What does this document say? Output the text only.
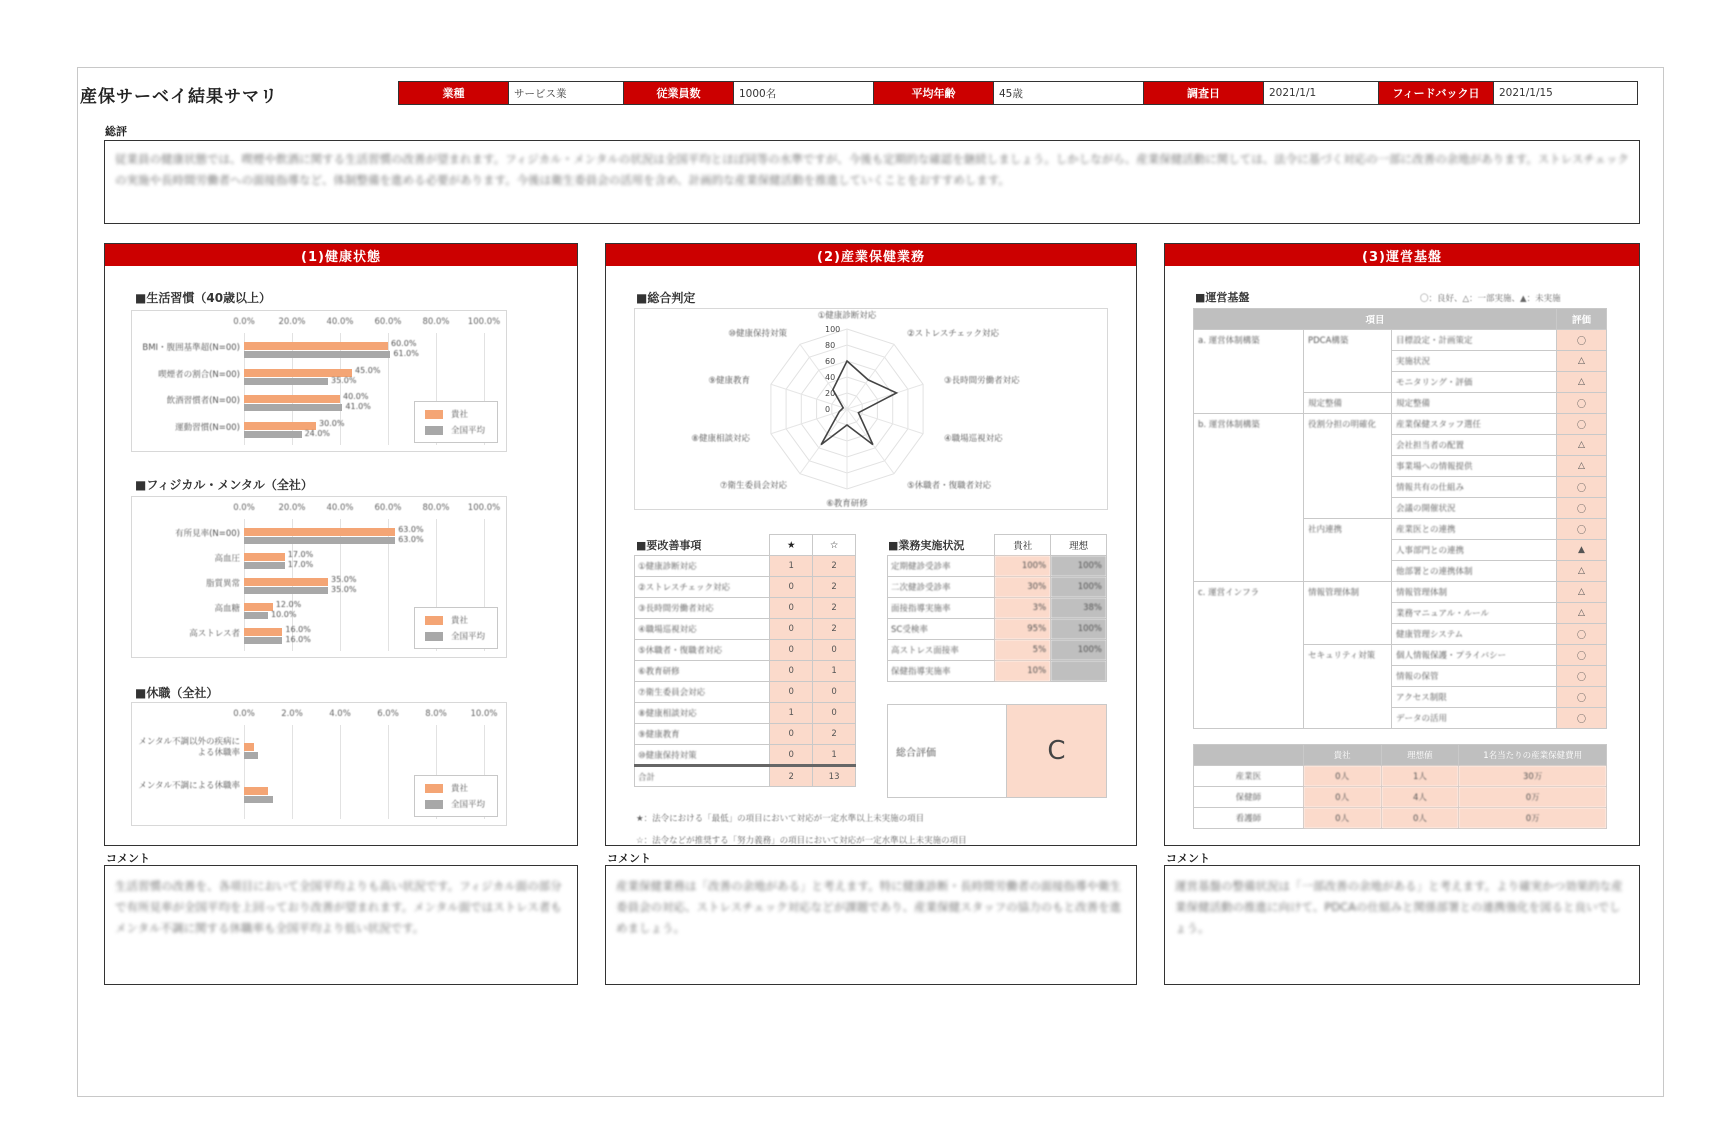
産保サーベイ結果サマリ	業種	サービス業	従業員数	1000名	平均年齢	45歳	調査日	2021/1/1	フィードバック日	2021/1/15
総評
従業員の健康状態では、喫煙や飲酒に関する生活習慣の改善が望まれます。フィジカル・メンタルの状況は全国平均とほぼ同等の水準ですが、今後も定期的な確認を継続しましょう。しかしながら、産業保健活動に関しては、法令に基づく対応の一部に改善の余地があります。ストレスチェックの実施や長時間労働者への面接指導など、体制整備を進める必要があります。今後は衛生委員会の活用を含め、計画的な産業保健活動を推進していくことをおすすめします。
(1)健康状態
■生活習慣（40歳以上）
0.0%	20.0%	40.0%	60.0%	80.0%	100.0%
BMI・腹囲基準超(N=00)	60.0%
61.0%
喫煙者の割合(N=00)	45.0%
35.0%
飲酒習慣者(N=00)	40.0%
41.0%
運動習慣(N=00)	30.0%
24.0%
貴社
全国平均
■フィジカル・メンタル（全社）
0.0%	20.0%	40.0%	60.0%	80.0%	100.0%
有所見率(N=00)	63.0%
63.0%
高血圧	17.0%
17.0%
脂質異常	35.0%
35.0%
高血糖	12.0%
10.0%
高ストレス者	16.0%
16.0%
貴社
全国平均
■休職（全社）
0.0%	2.0%	4.0%	6.0%	8.0%	10.0%
メンタル不調以外の疾病による休職率
メンタル不調による休職率	貴社
全国平均
(2)産業保健業務
■総合判定
100
80
60
40
20
0
①健康診断対応
②ストレスチェック対応
③長時間労働者対応
④職場巡視対応
⑤休職者・復職者対応
⑥教育研修
⑦衛生委員会対応
⑧健康相談対応
⑨健康教育
⑩健康保持対策
■要改善事項
		★	☆
①健康診断対応	1	2
②ストレスチェック対応	0	2
③長時間労働者対応	0	2
④職場巡視対応	0	2
⑤休職者・復職者対応	0	0
⑥教育研修	0	1
⑦衛生委員会対応	0	0
⑧健康相談対応	1	0
⑨健康教育	0	2
⑩健康保持対策	0	1
合計	2	13
■業務実施状況
		貴社	理想
定期健診受診率	100%	100%
二次健診受診率	30%	100%
面接指導実施率	3%	38%
SC受検率	95%	100%
高ストレス面接率	5%	100%
保健指導実施率	10%	
総合評価	C
★：法令における「最低」の項目において対応が一定水準以上未実施の項目
☆：法令などが推奨する「努力義務」の項目において対応が一定水準以上未実施の項目
(3)運営基盤
■運営基盤	〇：良好、△：一部実施、▲：未実施
項目			評価
a. 運営体制構築	PDCA構築	目標設定・計画策定	〇
		実施状況	△
		モニタリング・評価	△
	規定整備	規定整備	〇
b. 運営体制構築	役割分担の明確化	産業保健スタッフ選任	〇
		会社担当者の配置	△
		事業場への情報提供	△
		情報共有の仕組み	〇
		会議の開催状況	〇
	社内連携	産業医との連携	〇
		人事部門との連携	▲
		他部署との連携体制	△
c. 運営インフラ	情報管理体制	情報管理体制	△
		業務マニュアル・ルール	△
		健康管理システム	〇
	セキュリティ対策	個人情報保護・プライバシー	〇
		情報の保管	〇
		アクセス制限	〇
		データの活用	〇
	貴社	理想値	1名当たりの産業保健費用
産業医	0人	1人	30万
保健師	0人	4人	0万
看護師	0人	0人	0万
コメント
生活習慣の改善を、各項目において全国平均よりも高い状況です。フィジカル面の部分で有所見率が全国平均を上回っており改善が望まれます。メンタル面ではストレス者もメンタル不調に関する休職率も全国平均より低い状況です。
コメント
産業保健業務は「改善の余地がある」と考えます。特に健康診断・長時間労働者の面接指導や衛生委員会の対応、ストレスチェック対応などが課題であり、産業保健スタッフの協力のもと改善を進めましょう。
コメント
運営基盤の整備状況は「一部改善の余地がある」と考えます。より確実かつ効果的な産業保健活動の推進に向けて、PDCAの仕組みと関係部署との連携強化を図ると良いでしょう。
